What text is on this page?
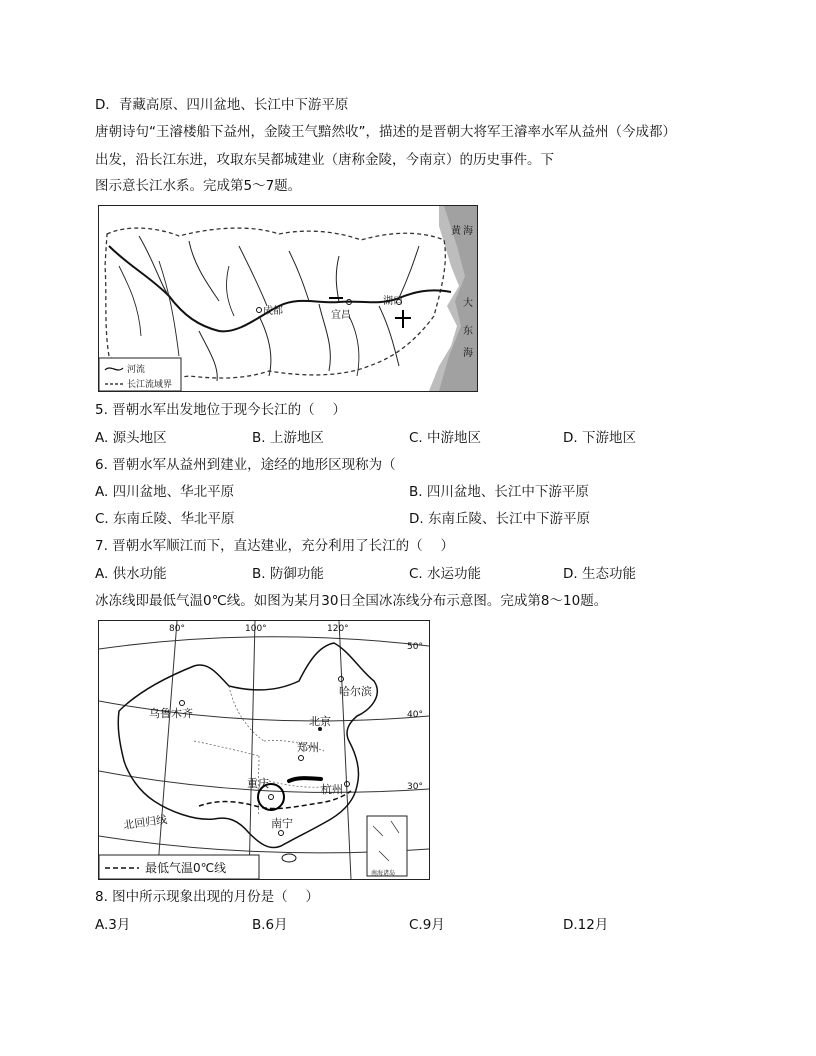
D．青藏高原、四川盆地、长江中下游平原
唐朝诗句“王濬楼船下益州，金陵王气黯然收”，描述的是晋朝大将军王濬率水军从益州（今成都）
出发，沿长江东进，攻取东吴都城建业（唐称金陵，今南京）的历史事件。下
图示意长江水系。完成第5～7题。
成都	宜昌
湖口
黄 海
大
东
海
河流
长江流域界
5. 晋朝水军出发地位于现今长江的（　 ）
A. 源头地区	B. 上游地区	C. 中游地区	D. 下游地区
6. 晋朝水军从益州到建业，途经的地形区现称为（
A. 四川盆地、华北平原	B. 四川盆地、长江中下游平原
C. 东南丘陵、华北平原	D. 东南丘陵、长江中下游平原
7. 晋朝水军顺江而下，直达建业，充分利用了长江的（　 ）
A. 供水功能	B. 防御功能	C. 水运功能	D. 生态功能
冰冻线即最低气温0℃线。如图为某月30日全国冰冻线分布示意图。完成第8～10题。
80°	100°	120°
50°
40°
30°
乌鲁木齐
哈尔滨
北京
郑州
重庆	杭州
南宁
北回归线
南海诸岛
最低气温0℃线
8. 图中所示现象出现的月份是（　 ）
A.3月	B.6月	C.9月	D.12月
